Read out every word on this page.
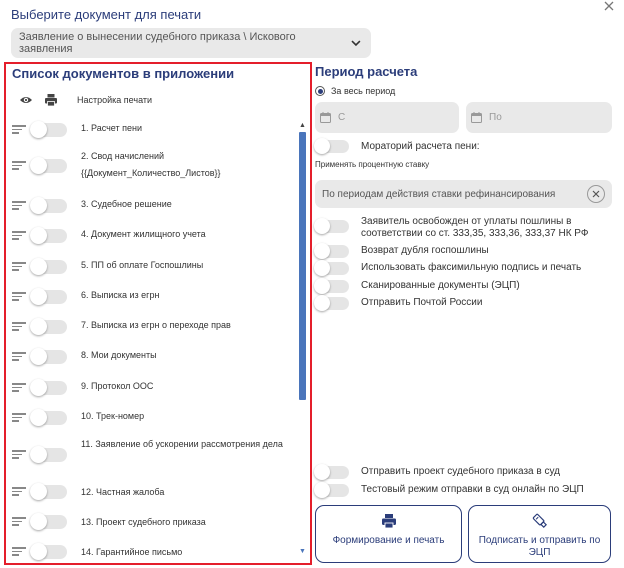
Выберите документ для печати
Заявление о вынесении судебного приказа \ Искового заявления
Список документов в приложении
Настройка печати
▲
▼
1. Расчет пени
2. Свод начислений {{Документ_Количество_Листов}}
3. Судебное решение
4. Документ жилищного учета
5. ПП об оплате Госпошлины
6. Выписка из егрн
7. Выписка из егрн о переходе прав
8. Мои документы
9. Протокол ООС
10. Трек-номер
11. Заявление об ускорении рассмотрения дела
12. Частная жалоба
13. Проект судебного приказа
14. Гарантийное письмо
Период расчета
За весь период
С	По
Мораторий расчета пени:
Применять процентную ставку
По периодам действия ставки рефинансирования
Заявитель освобожден от уплаты пошлины в соответствии со ст. 333,35, 333,36, 333,37 НК РФ
Возврат дубля госпошлины
Использовать факсимильную подпись и печать
Сканированные документы (ЭЦП)
Отправить Почтой России
Отправить проект судебного приказа в суд
Тестовый режим отправки в суд онлайн по ЭЦП
Формирование и печать	Подписать и отправить по ЭЦП
